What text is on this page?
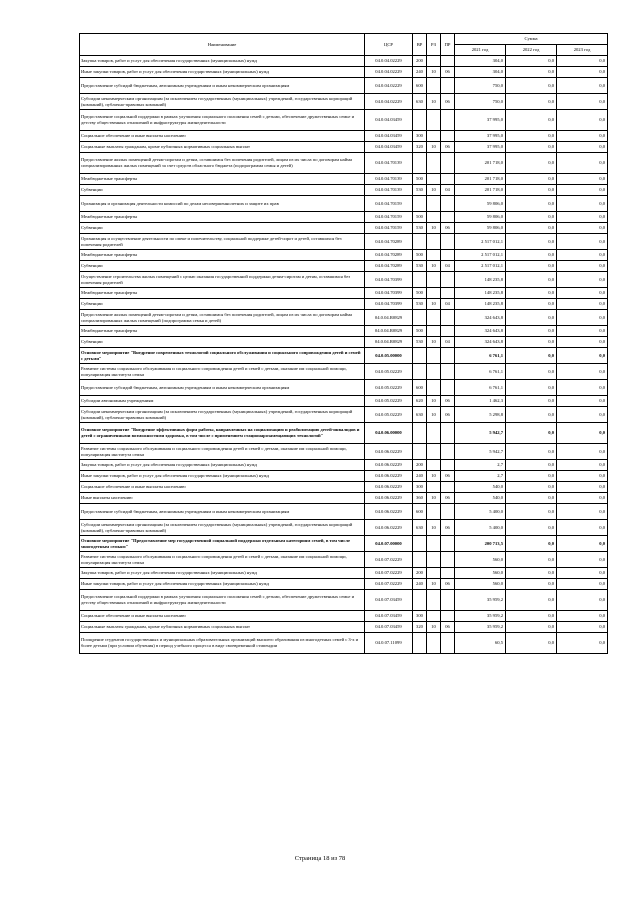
Наименование	ЦСР	ВР	РЗ	ПР	Сумма		
					2021 год	2022 год	2023 год
Закупка товаров, работ и услуг для обеспечения государственных (муниципальных) нужд	04.0.04.02229	200			304,0	0,0	0,0
Иные закупки товаров, работ и услуг для обеспечения государственных (муниципальных) нужд	04.0.04.02229	240	10	06	304,0	0,0	0,0
Предоставление субсидий бюджетным, автономным учреждениям и иным некоммерческим организациям	04.0.04.02229	600			750,0	0,0	0,0
Субсидии некоммерческим организациям (за исключением государственных (муниципальных) учреждений, государственных корпораций (компаний), публично-правовых компаний)	04.0.04.02229	630	10	06	750,0	0,0	0,0
Предоставление социальной поддержки в рамках улучшения социального положения семей с детьми, обеспечение дружественных семье и детству общественных отношений и инфраструктуры жизнедеятельности	04.0.04.03459				37 995,0	0,0	0,0
Социальное обеспечение и иные выплаты населению	04.0.04.03459	300			37 995,0	0,0	0,0
Социальные выплаты гражданам, кроме публичных нормативных социальных выплат	04.0.04.03459	320	10	06	37 995,0	0,0	0,0
Предоставление жилых помещений детям-сиротам и детям, оставшимся без попечения родителей, лицам из их числа по договорам найма специализированных жилых помещений за счет средств областного бюджета (подпрограмма семья и детей)	04.0.04.70139				201 718,0	0,0	0,0
Межбюджетные трансферты	04.0.04.70139	500			201 718,0	0,0	0,0
Субвенции	04.0.04.70139	530	10	04	201 718,0	0,0	0,0
Организация и организация деятельности комиссий по делам несовершеннолетних и защите их прав	04.0.04.70159				59 806,0	0,0	0,0
Межбюджетные трансферты	04.0.04.70159	500			59 806,0	0,0	0,0
Субвенции	04.0.04.70159	530	10	06	59 806,0	0,0	0,0
Организация и осуществление деятельности по опеке и попечительству, социальной поддержке детей-сирот и детей, оставшихся без попечения родителей	04.0.04.70289				2 517 012,1	0,0	0,0
Межбюджетные трансферты	04.0.04.70289	500			2 517 012,1	0,0	0,0
Субвенции	04.0.04.70289	530	10	04	2 517 012,1	0,0	0,0
Осуществление строительства жилых помещений с целью оказания государственной поддержки детям-сиротам и детям, оставшимся без попечения родителей	04.0.04.70399				148 235,8	0,0	0,0
Межбюджетные трансферты	04.0.04.70399	500			148 235,8	0,0	0,0
Субвенции	04.0.04.70399	530	10	04	148 235,8	0,0	0,0
Предоставление жилых помещений детям-сиротам и детям, оставшимся без попечения родителей, лицам из их числа по договорам найма специализированных жилых помещений (подпрограмма семья и детей)	04.0.04.R0829				324 643,8	0,0	0,0
Межбюджетные трансферты	04.0.04.R0829	500			324 643,8	0,0	0,0
Субвенции	04.0.04.R0829	530	10	04	324 643,8	0,0	0,0
Основное мероприятие "Внедрение современных технологий социального обслуживания и социального сопровождения детей и семей с детьми"	04.0.05.00000				6 761,1	0,0	0,0
Развитие системы социального обслуживания и социального сопровождения детей и семей с детьми, оказание им социальной помощи, популяризация института семьи	04.0.05.02229				6 761,1	0,0	0,0
Предоставление субсидий бюджетным, автономным учреждениям и иным некоммерческим организациям	04.0.05.02229	600			6 761,1	0,0	0,0
Субсидии автономным учреждениям	04.0.05.02229	620	10	06	1 462,3	0,0	0,0
Субсидии некоммерческим организациям (за исключением государственных (муниципальных) учреждений, государственных корпораций (компаний), публично-правовых компаний)	04.0.05.02229	630	10	06	5 298,8	0,0	0,0
Основное мероприятие "Внедрение эффективных форм работы, направленных на социализацию и реабилитацию детей-инвалидов и детей с ограниченными возможностями здоровья, в том числе с применением стационарозамещающих технологий"	04.0.06.00000				5 942,7	0,0	0,0
Развитие системы социального обслуживания и социального сопровождения детей и семей с детьми, оказание им социальной помощи, популяризация института семьи	04.0.06.02229				5 942,7	0,0	0,0
Закупка товаров, работ и услуг для обеспечения государственных (муниципальных) нужд	04.0.06.02229	200			2,7	0,0	0,0
Иные закупки товаров, работ и услуг для обеспечения государственных (муниципальных) нужд	04.0.06.02229	240	10	06	2,7	0,0	0,0
Социальное обеспечение и иные выплаты населению	04.0.06.02229	300			540,0	0,0	0,0
Иные выплаты населению	04.0.06.02229	360	10	06	540,0	0,0	0,0
Предоставление субсидий бюджетным, автономным учреждениям и иным некоммерческим организациям	04.0.06.02229	600			5 400,0	0,0	0,0
Субсидии некоммерческим организациям (за исключением государственных (муниципальных) учреждений, государственных корпораций (компаний), публично-правовых компаний)	04.0.06.02229	630	10	06	5 400,0	0,0	0,0
Основное мероприятие "Предоставление мер государственной социальной поддержки отдельным категориям семей, в том числе многодетным семьям"	04.0.07.00000				200 713,5	0,0	0,0
Развитие системы социального обслуживания и социального сопровождения детей и семей с детьми, оказание им социальной помощи, популяризация института семьи	04.0.07.02229				560,0	0,0	0,0
Закупка товаров, работ и услуг для обеспечения государственных (муниципальных) нужд	04.0.07.02229	200			560,0	0,0	0,0
Иные закупки товаров, работ и услуг для обеспечения государственных (муниципальных) нужд	04.0.07.02229	240	10	06	560,0	0,0	0,0
Предоставление социальной поддержки в рамках улучшения социального положения семей с детьми, обеспечение дружественных семье и детству общественных отношений и инфраструктуры жизнедеятельности	04.0.07.03459				35 959,2	0,0	0,0
Социальное обеспечение и иные выплаты населению	04.0.07.03459	300			35 959,2	0,0	0,0
Социальные выплаты гражданам, кроме публичных нормативных социальных выплат	04.0.07.03459	320	10	06	35 959,2	0,0	0,0
Поощрение студентов государственных и муниципальных образовательных организаций высшего образования из многодетных семей с 3-х и более детьми (при условии обучения) в период учебного процесса в виде своевременной стипендии	04.0.07.11099				60,5	0,0	0,0
Страница 18 из 78
